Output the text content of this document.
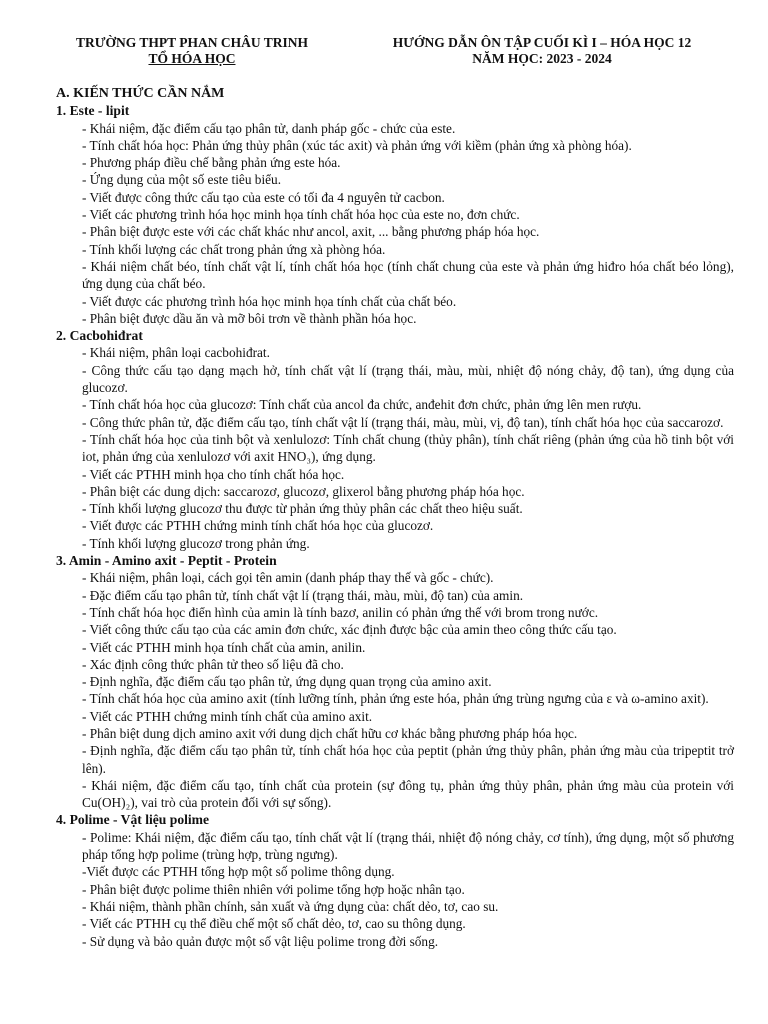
TRƯỜNG THPT PHAN CHÂU TRINH
TỔ HÓA HỌC
HƯỚNG DẪN ÔN TẬP CUỐI KÌ I – HÓA HỌC 12
NĂM HỌC: 2023 - 2024
A. KIẾN THỨC CẦN NẮM
1. Este - lipit
- Khái niệm, đặc điểm cấu tạo phân tử, danh pháp gốc - chức của este.
- Tính chất hóa học: Phản ứng thủy phân (xúc tác axit) và phản ứng với kiềm (phản ứng xà phòng hóa).
- Phương pháp điều chế bằng phản ứng este hóa.
- Ứng dụng của một số este tiêu biểu.
- Viết được công thức cấu tạo của este có tối đa 4 nguyên tử cacbon.
- Viết các phương trình hóa học minh họa tính chất hóa học của este no, đơn chức.
- Phân biệt được este với các chất khác như ancol, axit, ... bằng phương pháp hóa học.
- Tính khối lượng các chất trong phản ứng xà phòng hóa.
- Khái niệm chất béo, tính chất vật lí, tính chất hóa học (tính chất chung của este và phản ứng hiđro hóa chất béo lỏng), ứng dụng của chất béo.
- Viết được các phương trình hóa học minh họa tính chất của chất béo.
- Phân biệt được dầu ăn và mỡ bôi trơn về thành phần hóa học.
2. Cacbohiđrat
- Khái niệm, phân loại cacbohiđrat.
- Công thức cấu tạo dạng mạch hở, tính chất vật lí (trạng thái, màu, mùi, nhiệt độ nóng chảy, độ tan), ứng dụng của glucozơ.
- Tính chất hóa học của glucozơ: Tính chất của ancol đa chức, anđehit đơn chức, phản ứng lên men rượu.
- Công thức phân tử, đặc điểm cấu tạo, tính chất vật lí (trạng thái, màu, mùi, vị, độ tan), tính chất hóa học của saccarozơ.
- Tính chất hóa học của tinh bột và xenlulozơ: Tính chất chung (thủy phân), tính chất riêng (phản ứng của hồ tinh bột với iot, phản ứng của xenlulozơ với axit HNO₃), ứng dụng.
- Viết các PTHH minh họa cho tính chất hóa học.
- Phân biệt các dung dịch: saccarozơ, glucozơ, glixerol bằng phương pháp hóa học.
- Tính khối lượng glucozơ thu được từ phản ứng thủy phân các chất theo hiệu suất.
- Viết được các PTHH chứng minh tính chất hóa học của glucozơ.
- Tính khối lượng glucozơ trong phản ứng.
3. Amin - Amino axit - Peptit - Protein
- Khái niệm, phân loại, cách gọi tên amin (danh pháp thay thế và gốc - chức).
- Đặc điểm cấu tạo phân tử, tính chất vật lí (trạng thái, màu, mùi, độ tan) của amin.
- Tính chất hóa học điển hình của amin là tính bazơ, anilin có phản ứng thế với brom trong nước.
- Viết công thức cấu tạo của các amin đơn chức, xác định được bậc của amin theo công thức cấu tạo.
- Viết các PTHH minh họa tính chất của amin, anilin.
- Xác định công thức phân tử theo số liệu đã cho.
- Định nghĩa, đặc điểm cấu tạo phân tử, ứng dụng quan trọng của amino axit.
- Tính chất hóa học của amino axit (tính lưỡng tính, phản ứng este hóa, phản ứng trùng ngưng của ε và ω-amino axit).
- Viết các PTHH chứng minh tính chất của amino axit.
- Phân biệt dung dịch amino axit với dung dịch chất hữu cơ khác bằng phương pháp hóa học.
- Định nghĩa, đặc điểm cấu tạo phân tử, tính chất hóa học của peptit (phản ứng thủy phân, phản ứng màu của tripeptit trở lên).
- Khái niệm, đặc điểm cấu tạo, tính chất của protein (sự đông tụ, phản ứng thủy phân, phản ứng màu của protein với Cu(OH)₂), vai trò của protein đối với sự sống).
4. Polime - Vật liệu polime
- Polime: Khái niệm, đặc điểm cấu tạo, tính chất vật lí (trạng thái, nhiệt độ nóng chảy, cơ tính), ứng dụng, một số phương pháp tổng hợp polime (trùng hợp, trùng ngưng).
-Viết được các PTHH tổng hợp một số polime thông dụng.
- Phân biệt được polime thiên nhiên với polime tổng hợp hoặc nhân tạo.
- Khái niệm, thành phần chính, sản xuất và ứng dụng của: chất dẻo, tơ, cao su.
- Viết các PTHH cụ thể điều chế một số chất dẻo, tơ, cao su thông dụng.
- Sử dụng và bảo quản được một số vật liệu polime trong đời sống.
